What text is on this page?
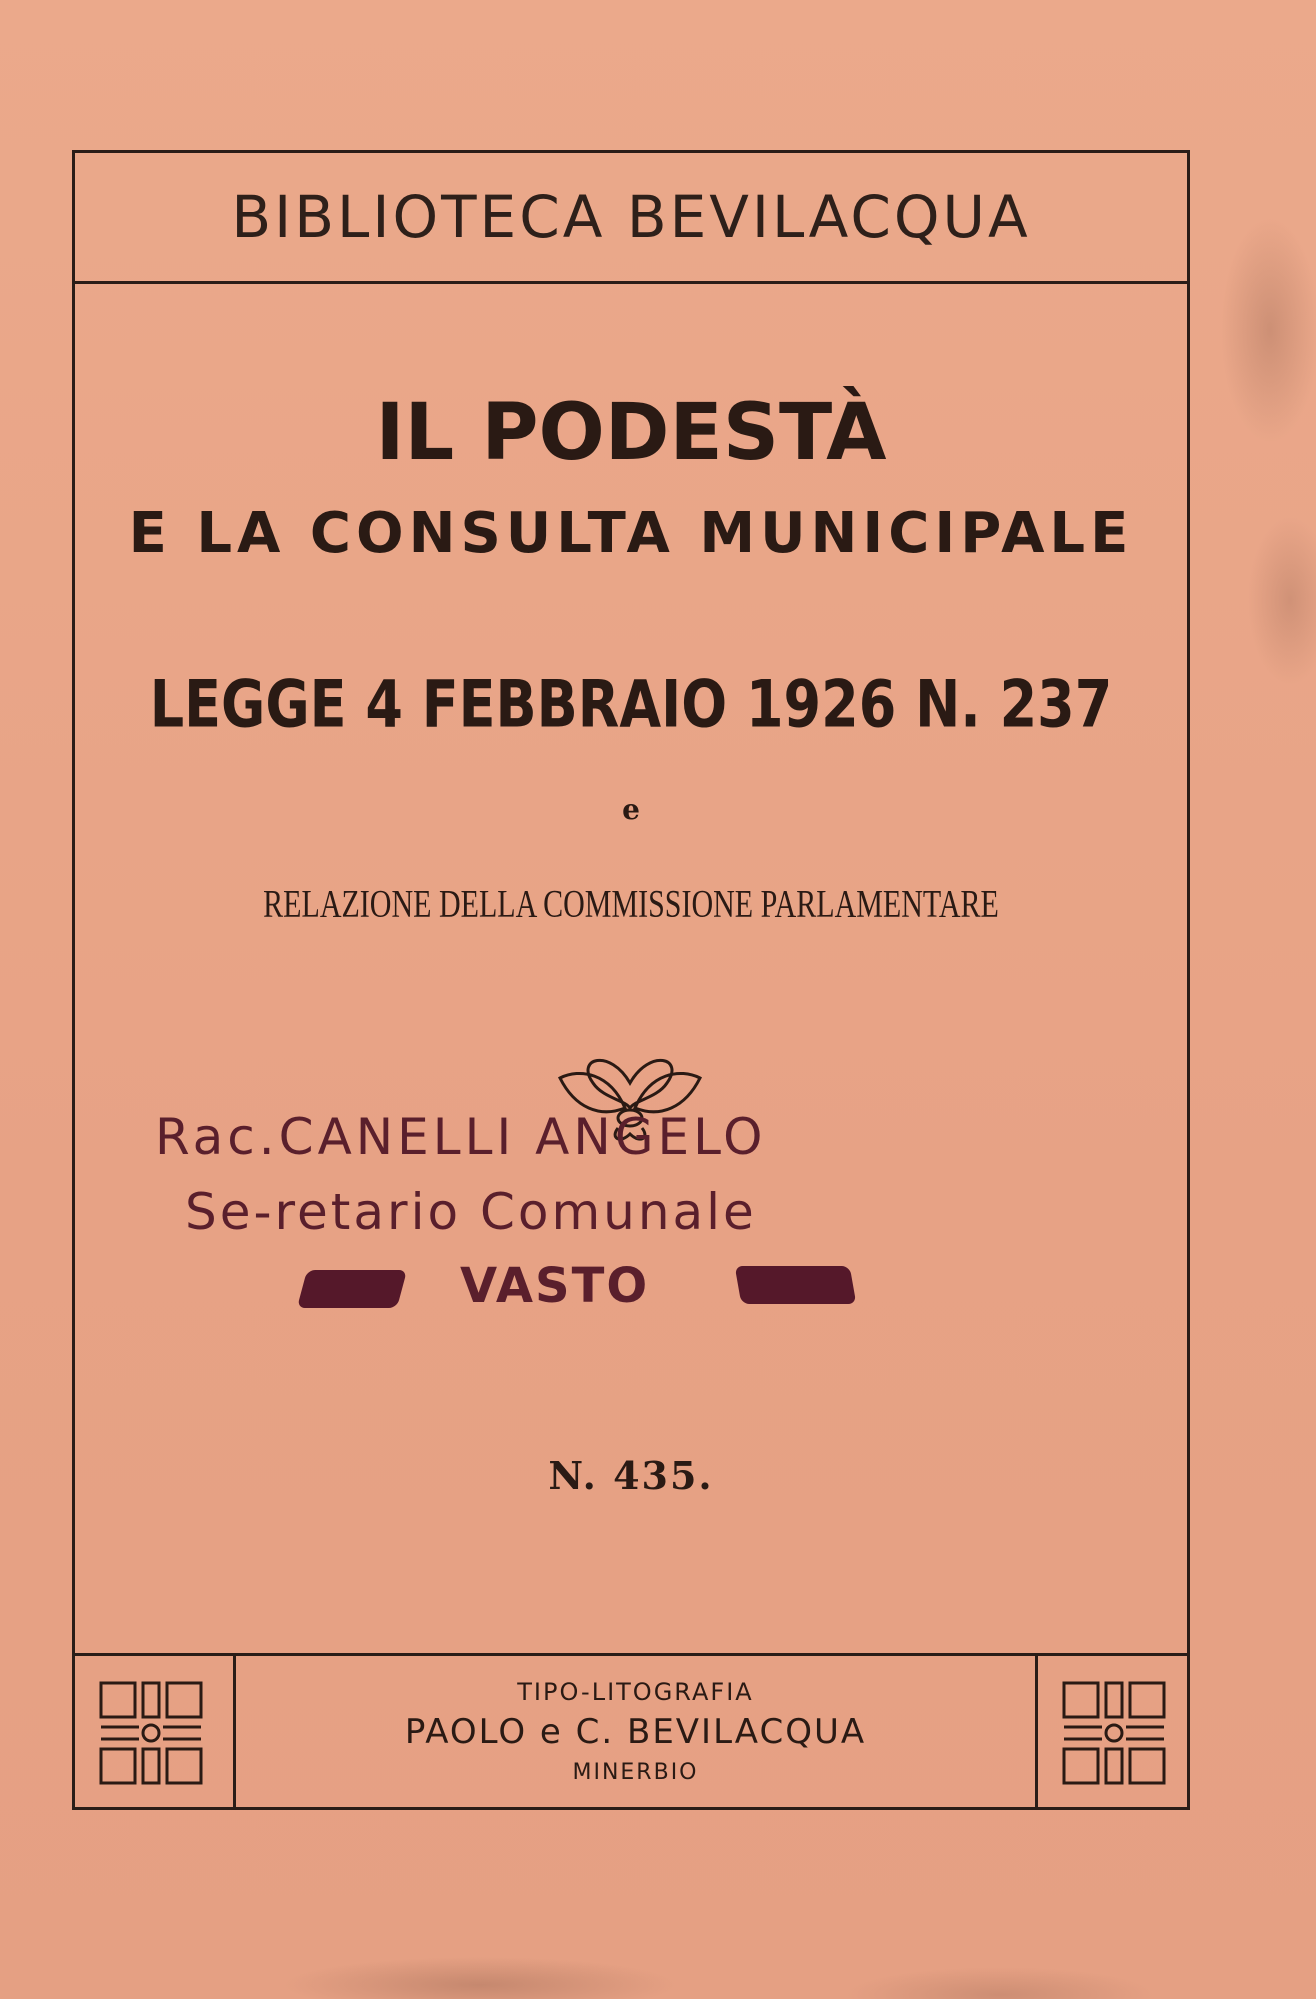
BIBLIOTECA BEVILACQUA
IL PODESTÀ
E LA CONSULTA MUNICIPALE
LEGGE 4 FEBBRAIO 1926 N. 237
e
RELAZIONE DELLA COMMISSIONE PARLAMENTARE
Rac.CANELLI ANGELO
Se-retario Comunale
VASTO
N. 435.
TIPO-LITOGRAFIA
PAOLO e C. BEVILACQUA
MINERBIO
